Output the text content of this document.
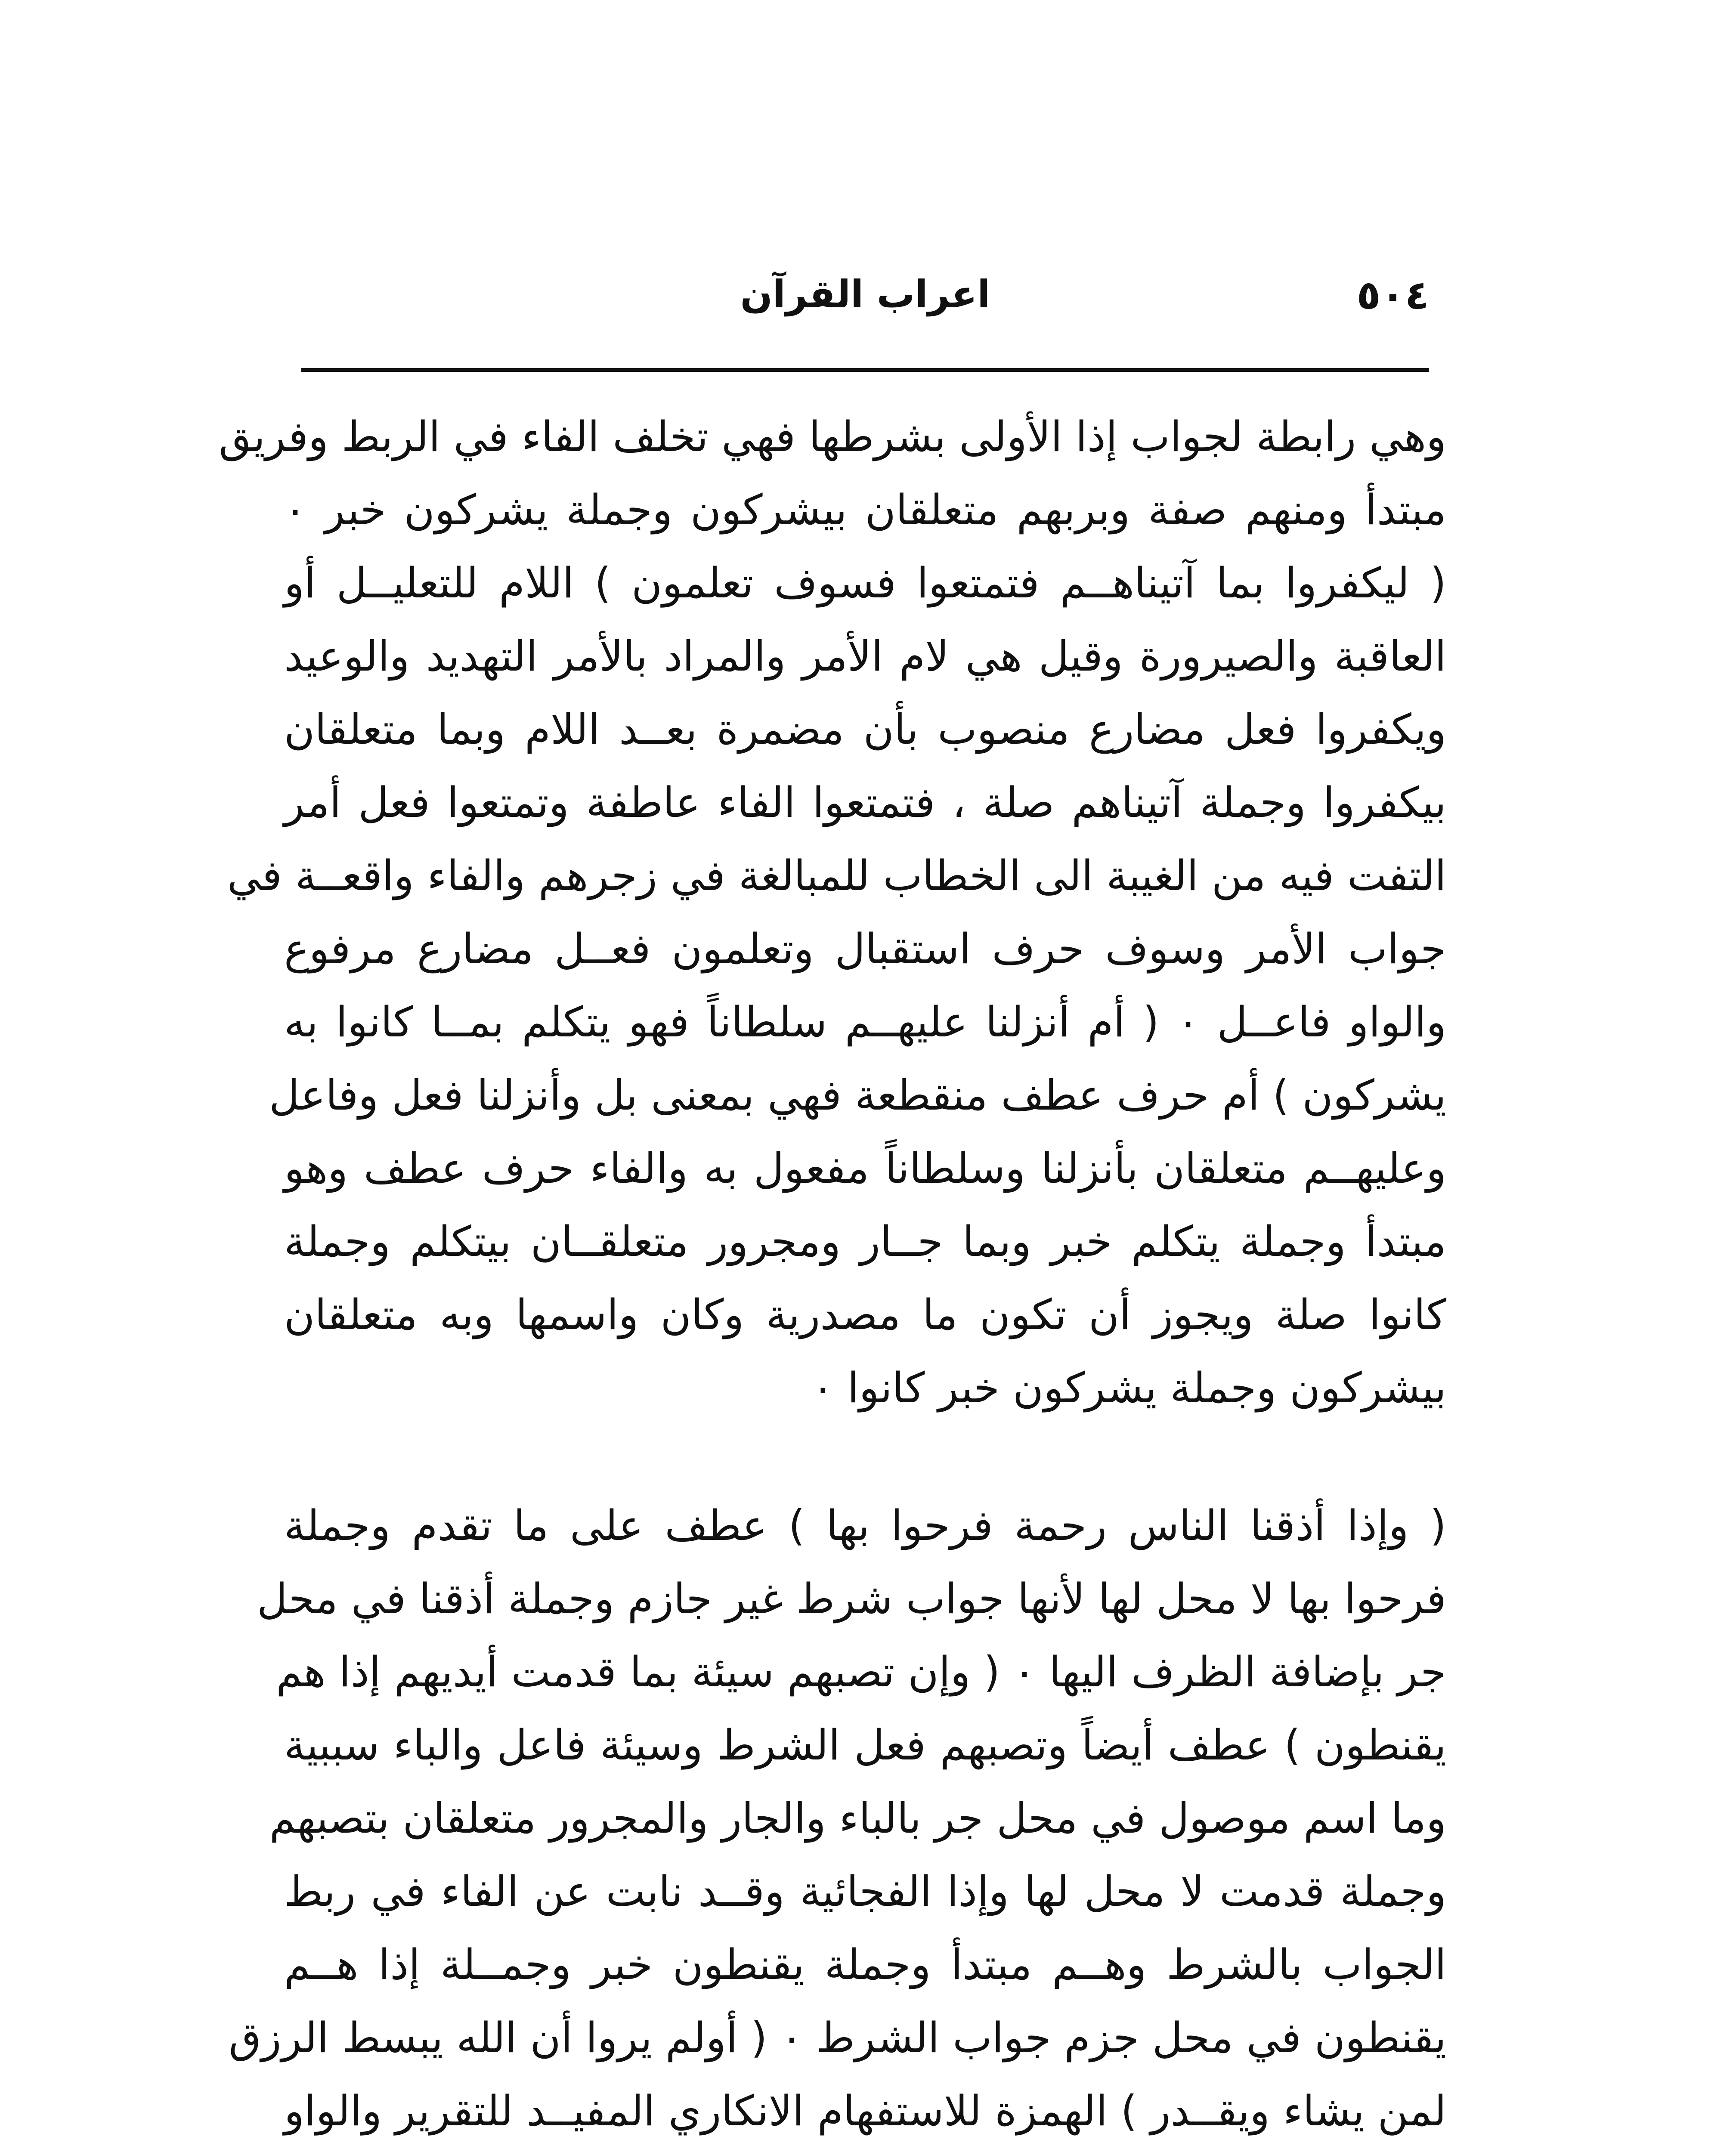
٥٠٤
اعراب القرآن
وهي رابطة لجواب إذا الأولى بشرطها فهي تخلف الفاء في الربط وفريق
مبتدأ ومنهم صفة وبربهم متعلقان بيشركون وجملة يشركون خبر ٠
( ليكفروا بما آتيناهــم فتمتعوا فسوف تعلمون ) اللام للتعليــل أو
العاقبة والصيرورة وقيل هي لام الأمر والمراد بالأمر التهديد والوعيد
ويكفروا فعل مضارع منصوب بأن مضمرة بعــد اللام وبما متعلقان
بيكفروا وجملة آتيناهم صلة ، فتمتعوا الفاء عاطفة وتمتعوا فعل أمر
التفت فيه من الغيبة الى الخطاب للمبالغة في زجرهم والفاء واقعــة في
جواب الأمر وسوف حرف استقبال وتعلمون فعــل مضارع مرفوع
والواو فاعــل ٠ ( أم أنزلنا عليهــم سلطاناً فهو يتكلم بمــا كانوا به
يشركون ) أم حرف عطف منقطعة فهي بمعنى بل وأنزلنا فعل وفاعل
وعليهــم متعلقان بأنزلنا وسلطاناً مفعول به والفاء حرف عطف وهو
مبتدأ وجملة يتكلم خبر وبما جــار ومجرور متعلقــان بيتكلم وجملة
كانوا صلة ويجوز أن تكون ما مصدرية وكان واسمها وبه متعلقان
بيشركون وجملة يشركون خبر كانوا ٠
( وإذا أذقنا الناس رحمة فرحوا بها ) عطف على ما تقدم وجملة
فرحوا بها لا محل لها لأنها جواب شرط غير جازم وجملة أذقنا في محل
جر بإضافة الظرف اليها ٠ ( وإن تصبهم سيئة بما قدمت أيديهم إذا هم
يقنطون ) عطف أيضاً وتصبهم فعل الشرط وسيئة فاعل والباء سببية
وما اسم موصول في محل جر بالباء والجار والمجرور متعلقان بتصبهم
وجملة قدمت لا محل لها وإذا الفجائية وقــد نابت عن الفاء في ربط
الجواب بالشرط وهــم مبتدأ وجملة يقنطون خبر وجمــلة إذا هــم
يقنطون في محل جزم جواب الشرط ٠ ( أولم يروا أن الله يبسط الرزق
لمن يشاء ويقــدر ) الهمزة للاستفهام الانكاري المفيــد للتقرير والواو
